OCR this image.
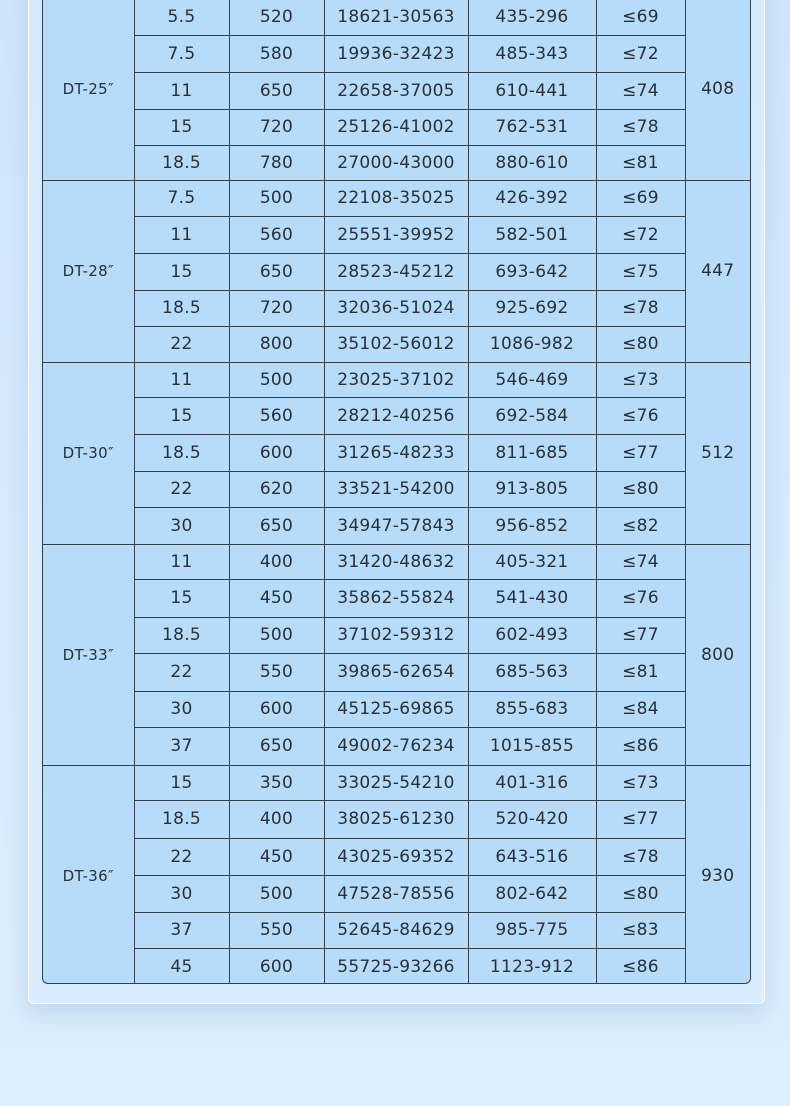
DT-25″	5.5	520	18621-30563	435-296	≤69	408
	7.5	580	19936-32423	485-343	≤72	
	11	650	22658-37005	610-441	≤74	
	15	720	25126-41002	762-531	≤78	
	18.5	780	27000-43000	880-610	≤81	
DT-28″	7.5	500	22108-35025	426-392	≤69	447
	11	560	25551-39952	582-501	≤72	
	15	650	28523-45212	693-642	≤75	
	18.5	720	32036-51024	925-692	≤78	
	22	800	35102-56012	1086-982	≤80	
DT-30″	11	500	23025-37102	546-469	≤73	512
	15	560	28212-40256	692-584	≤76	
	18.5	600	31265-48233	811-685	≤77	
	22	620	33521-54200	913-805	≤80	
	30	650	34947-57843	956-852	≤82	
DT-33″	11	400	31420-48632	405-321	≤74	800
	15	450	35862-55824	541-430	≤76	
	18.5	500	37102-59312	602-493	≤77	
	22	550	39865-62654	685-563	≤81	
	30	600	45125-69865	855-683	≤84	
	37	650	49002-76234	1015-855	≤86	
DT-36″	15	350	33025-54210	401-316	≤73	930
	18.5	400	38025-61230	520-420	≤77	
	22	450	43025-69352	643-516	≤78	
	30	500	47528-78556	802-642	≤80	
	37	550	52645-84629	985-775	≤83	
	45	600	55725-93266	1123-912	≤86	
